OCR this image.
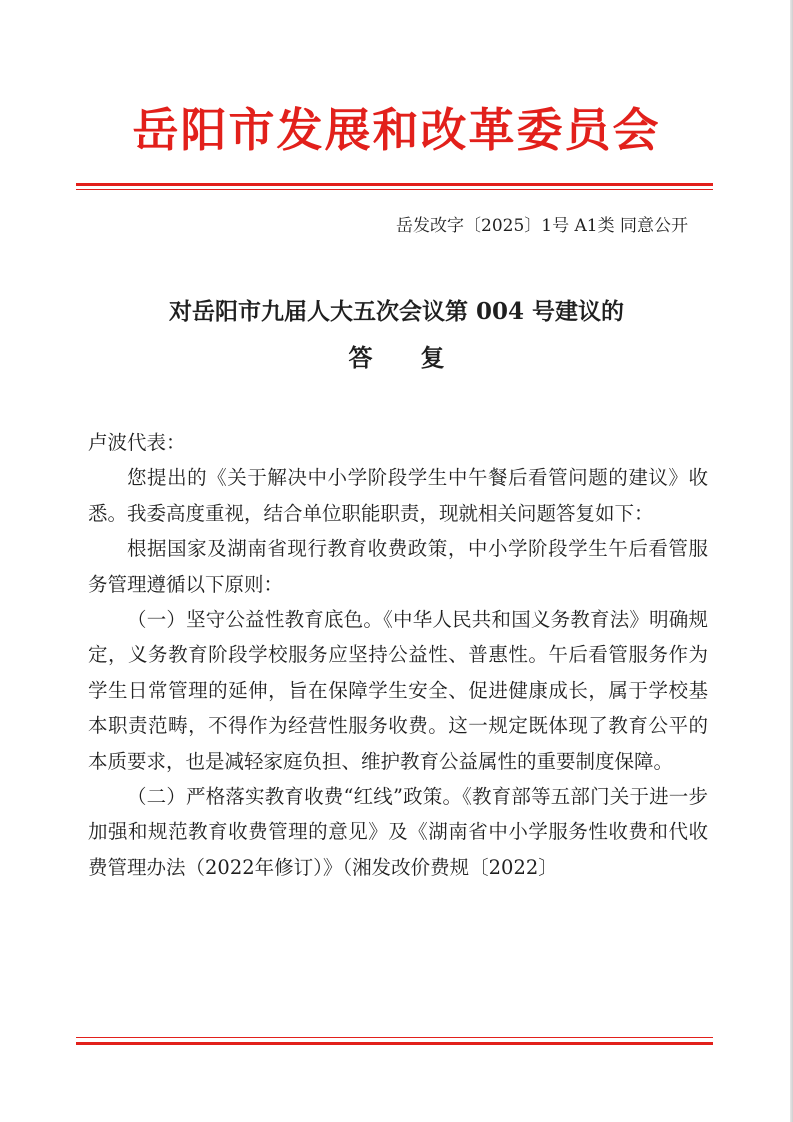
岳阳市发展和改革委员会
岳发改字〔2025〕1号 A1类 同意公开
对岳阳市九届人大五次会议第 004 号建议的
答　　复

卢波代表：

您提出的《关于解决中小学阶段学生中午餐后看管问题的建议》收悉。我委高度重视，结合单位职能职责，现就相关问题答复如下：

根据国家及湖南省现行教育收费政策，中小学阶段学生午后看管服务管理遵循以下原则：

（一）坚守公益性教育底色。《中华人民共和国义务教育法》明确规定，义务教育阶段学校服务应坚持公益性、普惠性。午后看管服务作为学生日常管理的延伸，旨在保障学生安全、促进健康成长，属于学校基本职责范畴，不得作为经营性服务收费。这一规定既体现了教育公平的本质要求，也是减轻家庭负担、维护教育公益属性的重要制度保障。

（二）严格落实教育收费“红线”政策。《教育部等五部门关于进一步加强和规范教育收费管理的意见》及《湖南省中小学服务性收费和代收费管理办法（2022年修订）》（湘发改价费规〔2022〕
